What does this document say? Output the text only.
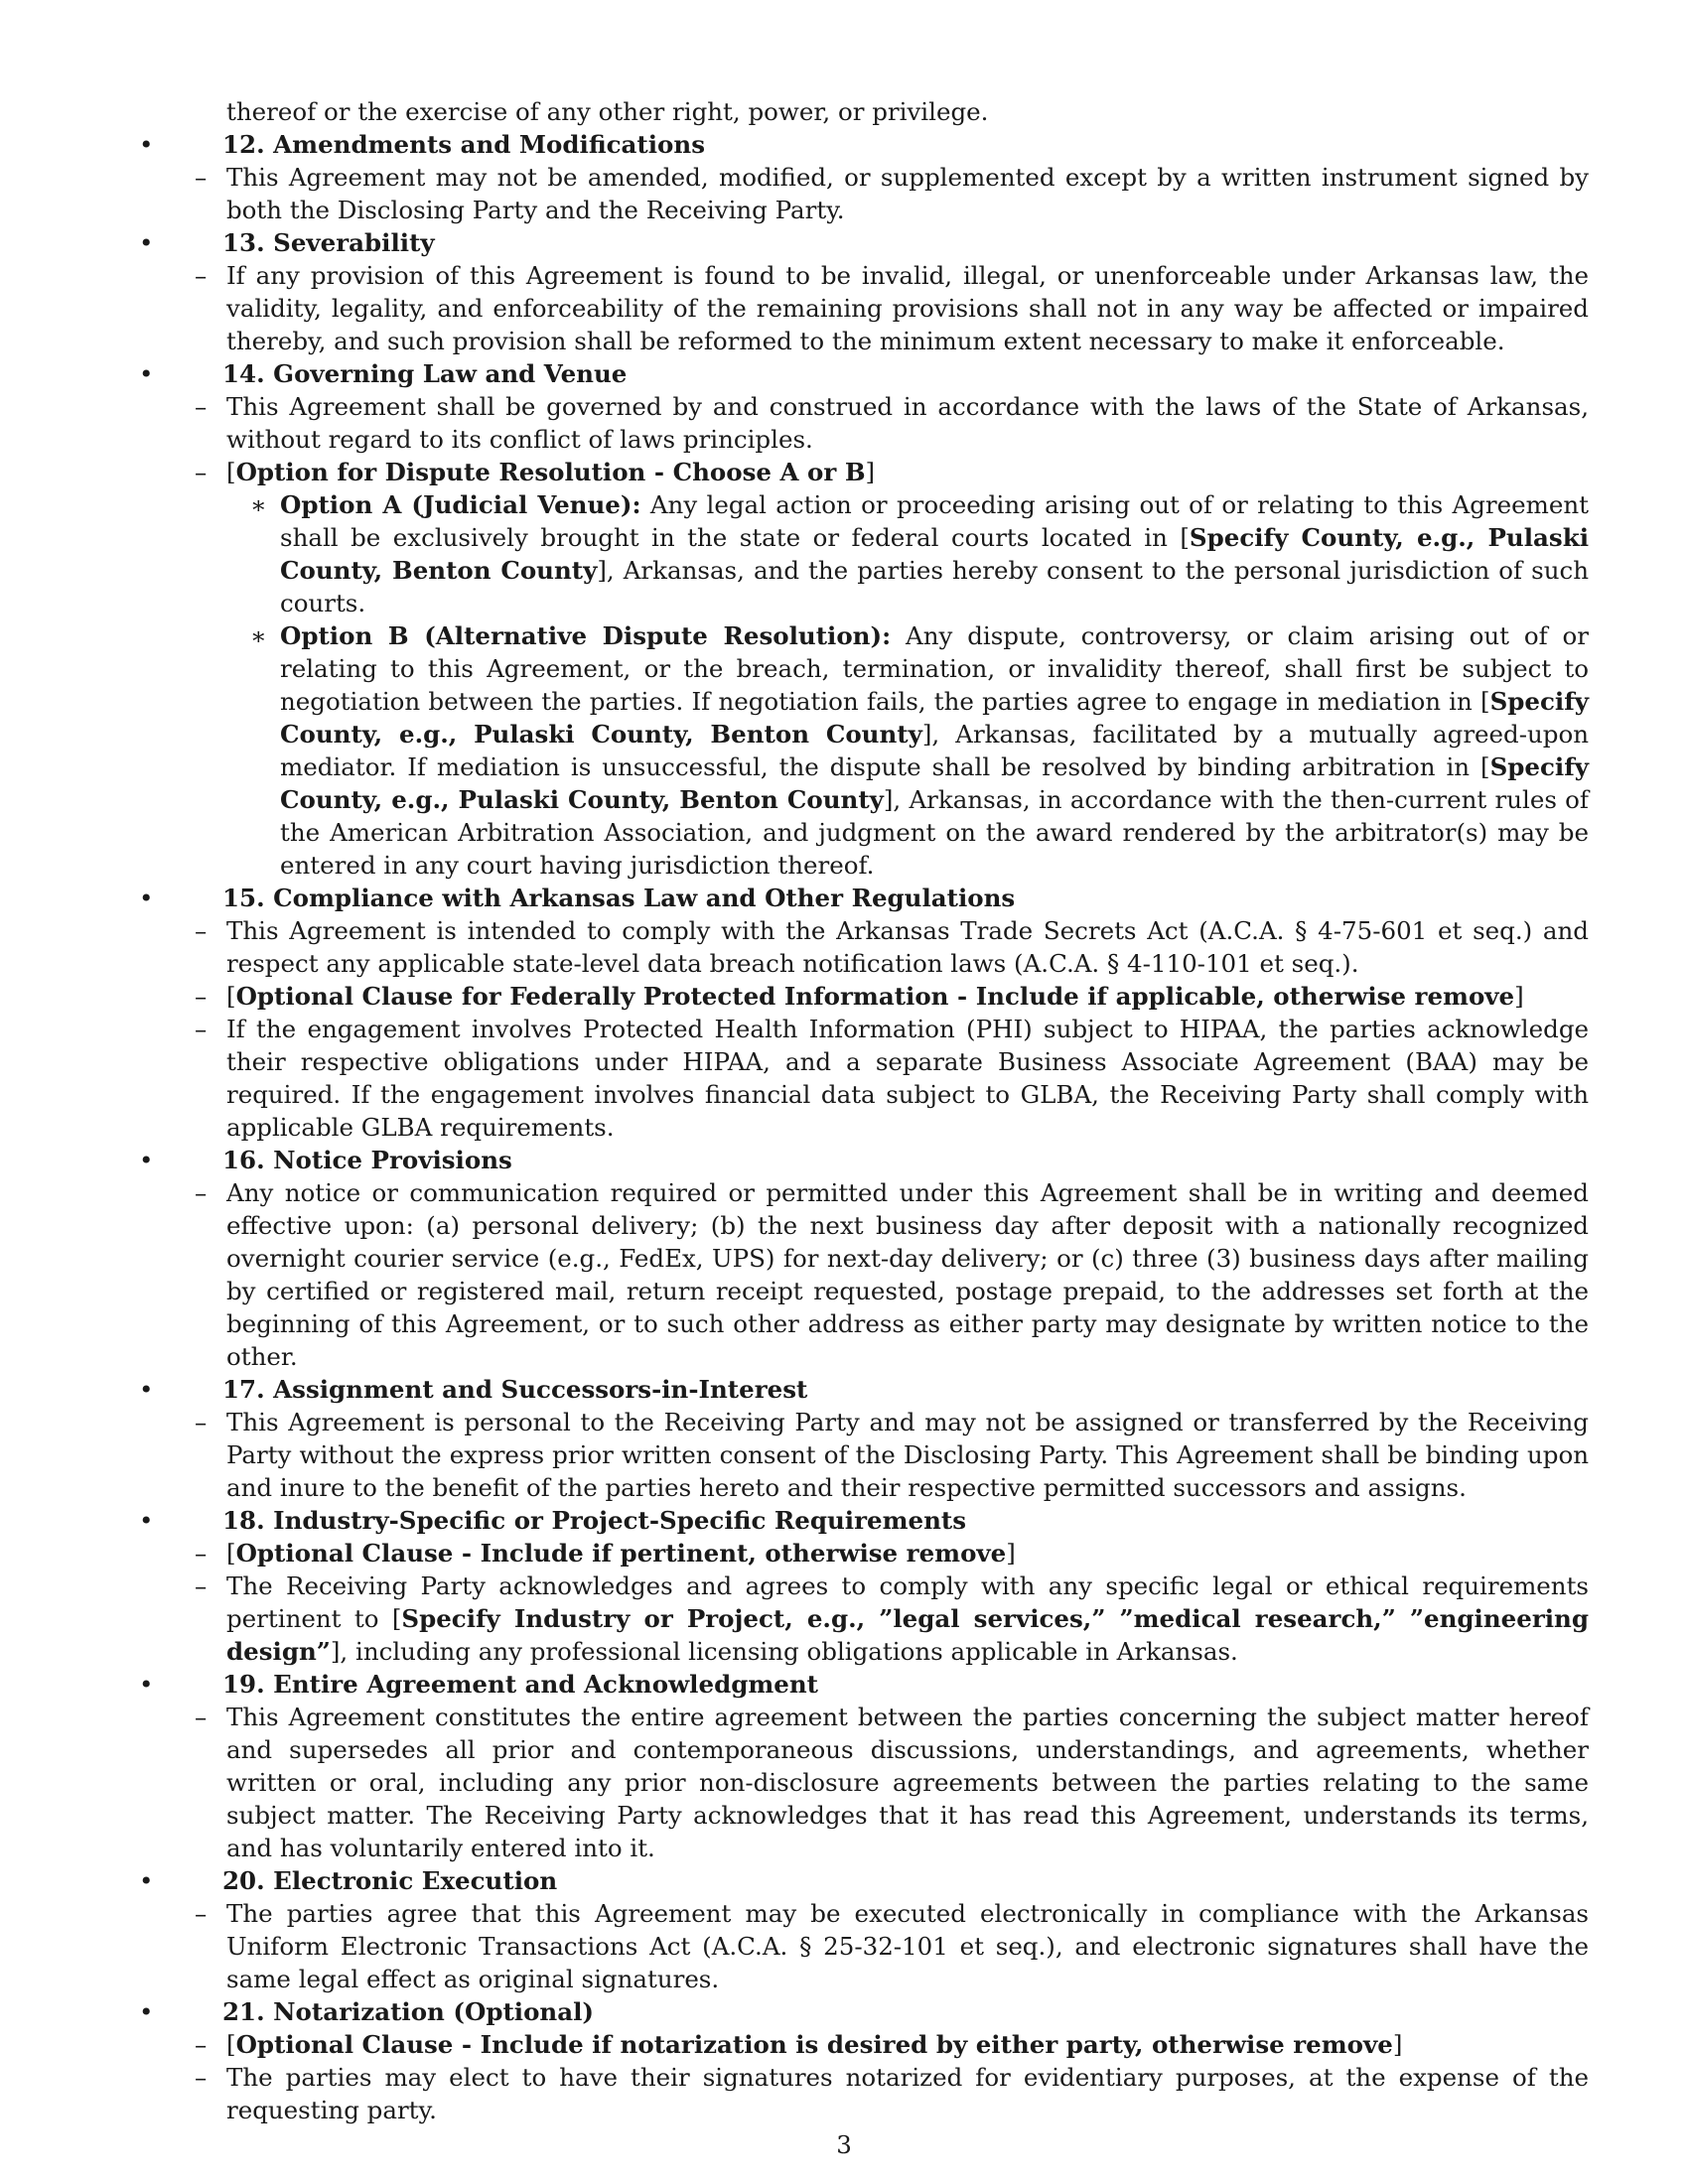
thereof or the exercise of any other right, power, or privilege.

• 12. Amendments and Modifications

– This Agreement may not be amended, modified, or supplemented except by a written instrument signed by both the Disclosing Party and the Receiving Party.

• 13. Severability

– If any provision of this Agreement is found to be invalid, illegal, or unenforceable under Arkansas law, the validity, legality, and enforceability of the remaining provisions shall not in any way be affected or impaired thereby, and such provision shall be reformed to the minimum extent necessary to make it enforceable.

• 14. Governing Law and Venue

– This Agreement shall be governed by and construed in accordance with the laws of the State of Arkansas, without regard to its conflict of laws principles.

– [Option for Dispute Resolution - Choose A or B]

∗ Option A (Judicial Venue): Any legal action or proceeding arising out of or relating to this Agreement shall be exclusively brought in the state or federal courts located in [Specify County, e.g., Pulaski County, Benton County], Arkansas, and the parties hereby consent to the personal jurisdiction of such courts.

∗ Option B (Alternative Dispute Resolution): Any dispute, controversy, or claim arising out of or relating to this Agreement, or the breach, termination, or invalidity thereof, shall first be subject to negotiation between the parties. If negotiation fails, the parties agree to engage in mediation in [Specify County, e.g., Pulaski County, Benton County], Arkansas, facilitated by a mutually agreed-upon mediator. If mediation is unsuccessful, the dispute shall be resolved by binding arbitration in [Specify County, e.g., Pulaski County, Benton County], Arkansas, in accordance with the then-current rules of the American Arbitration Association, and judgment on the award rendered by the arbitrator(s) may be entered in any court having jurisdiction thereof.

• 15. Compliance with Arkansas Law and Other Regulations

– This Agreement is intended to comply with the Arkansas Trade Secrets Act (A.C.A. § 4-75-601 et seq.) and respect any applicable state-level data breach notification laws (A.C.A. § 4-110-101 et seq.).

– [Optional Clause for Federally Protected Information - Include if applicable, otherwise remove]

– If the engagement involves Protected Health Information (PHI) subject to HIPAA, the parties acknowledge their respective obligations under HIPAA, and a separate Business Associate Agreement (BAA) may be required. If the engagement involves financial data subject to GLBA, the Receiving Party shall comply with applicable GLBA requirements.

• 16. Notice Provisions

– Any notice or communication required or permitted under this Agreement shall be in writing and deemed effective upon: (a) personal delivery; (b) the next business day after deposit with a nationally recognized overnight courier service (e.g., FedEx, UPS) for next-day delivery; or (c) three (3) business days after mailing by certified or registered mail, return receipt requested, postage prepaid, to the addresses set forth at the beginning of this Agreement, or to such other address as either party may designate by written notice to the other.

• 17. Assignment and Successors-in-Interest

– This Agreement is personal to the Receiving Party and may not be assigned or transferred by the Receiving Party without the express prior written consent of the Disclosing Party. This Agreement shall be binding upon and inure to the benefit of the parties hereto and their respective permitted successors and assigns.

• 18. Industry-Specific or Project-Specific Requirements

– [Optional Clause - Include if pertinent, otherwise remove]

– The Receiving Party acknowledges and agrees to comply with any specific legal or ethical requirements pertinent to [Specify Industry or Project, e.g., ”legal services,” ”medical research,” ”engineering design”], including any professional licensing obligations applicable in Arkansas.

• 19. Entire Agreement and Acknowledgment

– This Agreement constitutes the entire agreement between the parties concerning the subject matter hereof and supersedes all prior and contemporaneous discussions, understandings, and agreements, whether written or oral, including any prior non-disclosure agreements between the parties relating to the same subject matter. The Receiving Party acknowledges that it has read this Agreement, understands its terms, and has voluntarily entered into it.

• 20. Electronic Execution

– The parties agree that this Agreement may be executed electronically in compliance with the Arkansas Uniform Electronic Transactions Act (A.C.A. § 25-32-101 et seq.), and electronic signatures shall have the same legal effect as original signatures.

• 21. Notarization (Optional)

– [Optional Clause - Include if notarization is desired by either party, otherwise remove]

– The parties may elect to have their signatures notarized for evidentiary purposes, at the expense of the requesting party.

3
